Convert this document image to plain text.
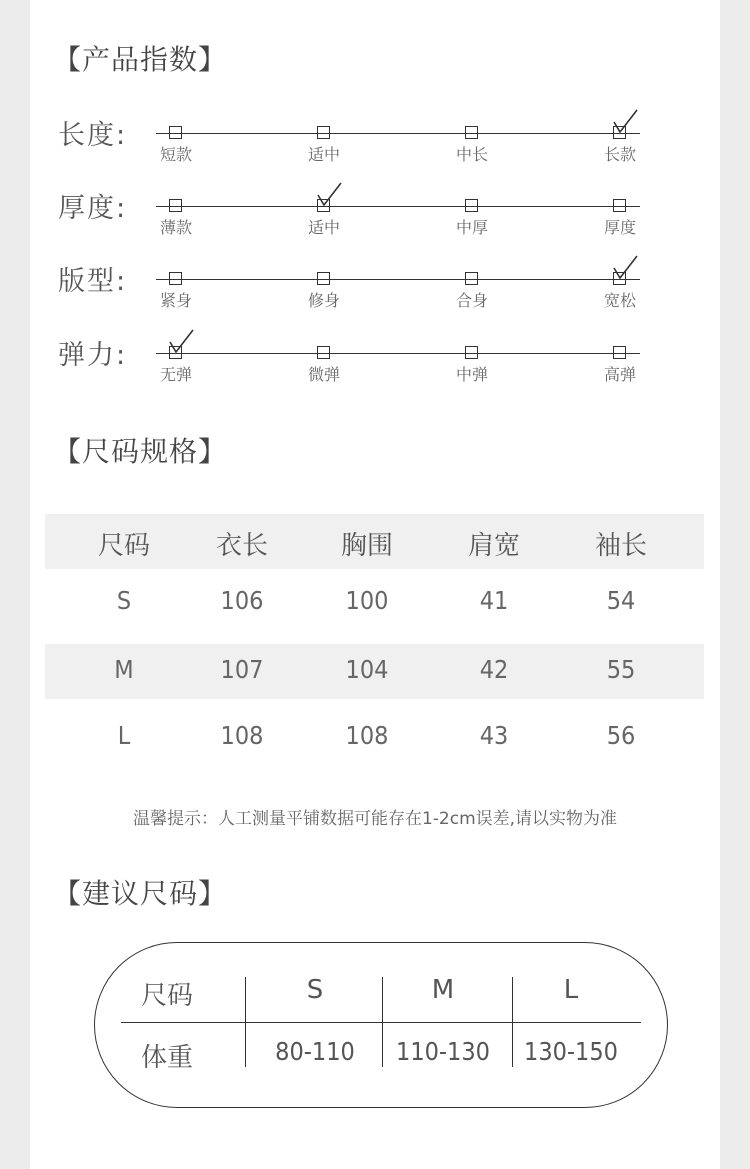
【产品指数】
长度:
短款	适中	中长	长款
厚度:
薄款	适中	中厚	厚度
版型:
紧身	修身	合身	宽松
弹力:
无弹	微弹	中弹	高弹
【尺码规格】
尺码	衣长	胸围	肩宽	袖长
S	106	100	41	54
M	107	104	42	55
L	108	108	43	56
温馨提示：人工测量平铺数据可能存在1-2cm误差,请以实物为准
【建议尺码】
尺码	S	M	L
体重	80-110	110-130	130-150
